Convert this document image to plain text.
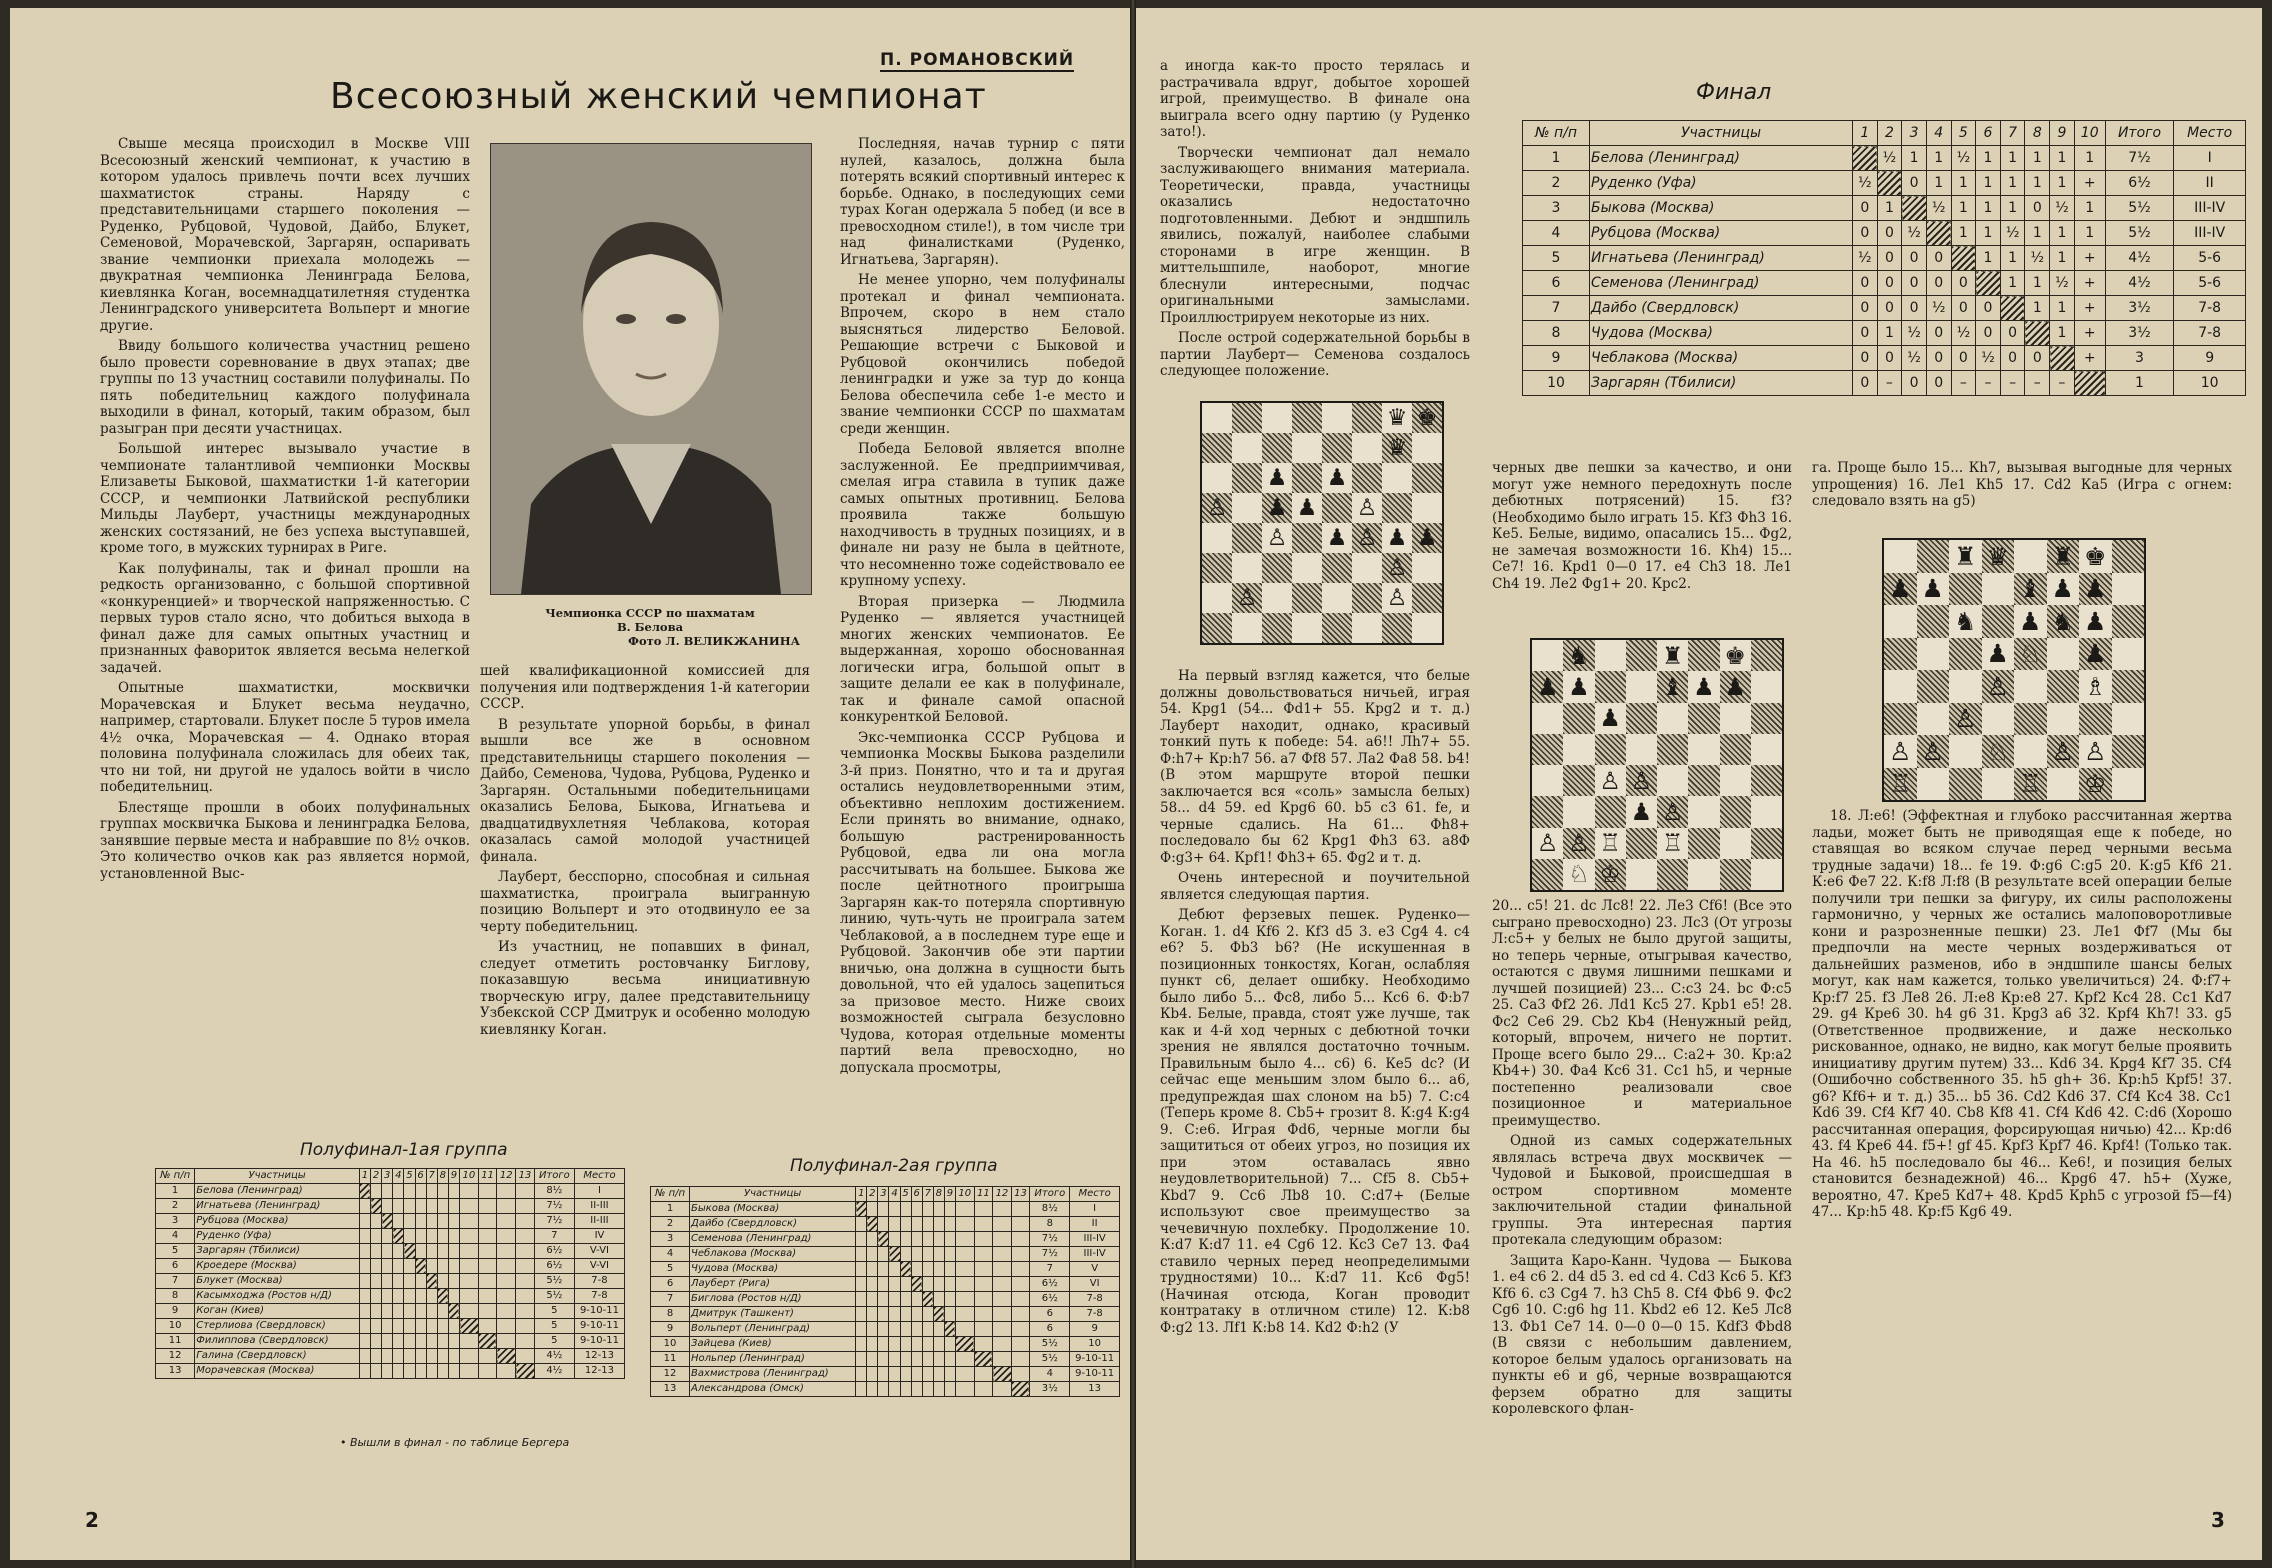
П. РОМАНОВСКИЙ
Всесоюзный женский чемпионат

Свыше месяца происходил в Москве VIII Всесоюзный женский чемпионат, к участию в котором удалось привлечь почти всех лучших шахматисток страны. Наряду с представительницами старшего поколения —Руденко, Рубцовой, Чудовой, Дайбо, Блукет, Семеновой, Морачевской, Заргарян, оспаривать звание чемпионки приехала молодежь — двукратная чемпионка Ленинграда Белова, киевлянка Коган, восемнадцатилетняя студентка Ленинградского университета Вольперт и многие другие.

Ввиду большого количества участниц решено было провести соревнование в двух этапах; две группы по 13 участниц составили полуфиналы. По пять победительниц каждого полуфинала выходили в финал, который, таким образом, был разыгран при десяти участницах.

Большой интерес вызывало участие в чемпионате талантливой чемпионки Москвы Елизаветы Быковой, шахматистки 1-й категории СССР, и чемпионки Латвийской республики Мильды Лауберт, участницы международных женских состязаний, не без успеха выступавшей, кроме того, в мужских турнирах в Риге.

Как полуфиналы, так и финал прошли на редкость организованно, с большой спортивной «конкуренцией» и творческой напряженностью. С первых туров стало ясно, что добиться выхода в финал даже для самых опытных участниц и признанных фавориток является весьма нелегкой задачей.

Опытные шахматистки, москвички Морачевская и Блукет весьма неудачно, например, стартовали. Блукет после 5 туров имела 4½ очка, Морачевская — 4. Однако вторая половина полуфинала сложилась для обеих так, что ни той, ни другой не удалось войти в число победительниц.

Блестяще прошли в обоих полуфинальных группах москвичка Быкова и ленинградка Белова, занявшие первые места и набравшие по 8½ очков. Это количество очков как раз является нормой, установленной Выс-

Чемпионка СССР по шахматам
В. Белова

Фото Л. ВЕЛИКЖАНИНА

шей квалификационной комиссией для получения или подтверждения 1-й категории СССР.

В результате упорной борьбы, в финал вышли все же в основном представительницы старшего поколения — Дайбо, Семенова, Чудова, Рубцова, Руденко и Заргарян. Остальными победительницами оказались Белова, Быкова, Игнатьева и двадцатидвухлетняя Чеблакова, которая оказалась самой молодой участницей финала.

Лауберт, бесспорно, способная и сильная шахматистка, проиграла выигранную позицию Вольперт и это отодвинуло ее за черту победительниц.

Из участниц, не попавших в финал, следует отметить ростовчанку Биглову, показавшую весьма инициативную творческую игру, далее представительницу Узбекской ССР Дмитрук и особенно молодую киевлянку Коган.

Последняя, начав турнир с пяти нулей, казалось, должна была потерять всякий спортивный интерес к борьбе. Однако, в последующих семи турах Коган одержала 5 побед (и все в превосходном стиле!), в том числе три над финалистками (Руденко, Игнатьева, Заргарян).

Не менее упорно, чем полуфиналы протекал и финал чемпионата. Впрочем, скоро в нем стало выясняться лидерство Беловой. Решающие встречи с Быковой и Рубцовой окончились победой ленинградки и уже за тур до конца Белова обеспечила себе 1-е место и звание чемпионки СССР по шахматам среди женщин.

Победа Беловой является вполне заслуженной. Ее предприимчивая, смелая игра ставила в тупик даже самых опытных противниц. Белова проявила также большую находчивость в трудных позициях, и в финале ни разу не была в цейтноте, что несомненно тоже содействовало ее крупному успеху.

Вторая призерка — Людмила Руденко — является участницей многих женских чемпионатов. Ее выдержанная, хорошо обоснованная логически игра, большой опыт в защите делали ее как в полуфинале, так и финале самой опасной конкуренткой Беловой.

Экс-чемпионка СССР Рубцова и чемпионка Москвы Быкова разделили 3-й приз. Понятно, что и та и другая остались неудовлетворенными этим, объективно неплохим достижением. Если принять во внимание, однако, большую растренированность Рубцовой, едва ли она могла рассчитывать на большее. Быкова же после цейтнотного проигрыша Заргарян как-то потеряла спортивную линию, чуть-чуть не проиграла затем Чеблаковой, а в последнем туре еще и Рубцовой. Закончив обе эти партии вничью, она должна в сущности быть довольной, что ей удалось зацепиться за призовое место. Ниже своих возможностей сыграла безусловно Чудова, которая отдельные моменты партий вела превосходно, но допускала просмотры,

Полуфинал-1ая группа
№ п/п	Участницы	1	2	3	4	5	6	7	8	9	10	11	12	13	Итого	Место
1	Белова (Ленинград)														8½	I
2	Игнатьева (Ленинград)														7½	II-III
3	Рубцова (Москва)														7½	II-III
4	Руденко (Уфа)														7	IV
5	Заргарян (Тбилиси)														6½	V-VI
6	Кроедере (Москва)														6½	V-VI
7	Блукет (Москва)														5½	7-8
8	Касымходжа (Ростов н/Д)														5½	7-8
9	Коган (Киев)														5	9-10-11
10	Стерлиова (Свердловск)														5	9-10-11
11	Филиппова (Свердловск)														5	9-10-11
12	Галина (Свердловск)														4½	12-13
13	Морачевская (Москва)														4½	12-13
• Вышли в финал - по таблице Бергера
Полуфинал-2ая группа
№ п/п	Участницы	1	2	3	4	5	6	7	8	9	10	11	12	13	Итого	Место
1	Быкова (Москва)														8½	I
2	Дайбо (Свердловск)														8	II
3	Семенова (Ленинград)														7½	III-IV
4	Чеблакова (Москва)														7½	III-IV
5	Чудова (Москва)														7	V
6	Лауберт (Рига)														6½	VI
7	Биглова (Ростов н/Д)														6½	7-8
8	Дмитрук (Ташкент)														6	7-8
9	Вольперт (Ленинград)														6	9
10	Зайцева (Киев)														5½	10
11	Нольпер (Ленинград)														5½	9-10-11
12	Вахмистрова (Ленинград)														4	9-10-11
13	Александрова (Омск)														3½	13
2

а иногда как-то просто терялась и растрачивала вдруг, добытое хорошей игрой, преимущество. В финале она выиграла всего одну партию (у Руденко зато!).

Творчески чемпионат дал немало заслуживающего внимания материала. Теоретически, правда, участницы оказались недостаточно подготовленными. Дебют и эндшпиль явились, пожалуй, наиболее слабыми сторонами в игре женщин. В миттельшпиле, наоборот, многие блеснули интересными, подчас оригинальными замыслами. Проиллюстрируем некоторые из них.

После острой содержательной борьбы в партии Лауберт— Семенова создалось следующее положение.

♛ ♚
♛
♟ ♟
♙ ♟ ♟ ♙
♙ ♟ ♙ ♟ ♟
♙
♙	♙

На первый взгляд кажется, что белые должны довольствоваться ничьей, играя 54. Крg1 (54... Фd1+ 55. Крg2 и т. д.) Лауберт находит, однако, красивый тонкий путь к победе: 54. a6!! Лh7+ 55. Ф:h7+ Кр:h7 56. a7 Фf8 57. Ла2 Фa8 58. b4! (В этом маршруте второй пешки заключается вся «соль» замысла белых) 58... d4 59. ed Крg6 60. b5 c3 61. fe, и черные сдались. На 61... Фh8+ последовало бы 62 Крg1 Фh3 63. a8Ф Ф:g3+ 64. Крf1! Фh3+ 65. Фg2 и т. д.

Очень интересной и поучительной является следующая партия.

Дебют ферзевых пешек. Руденко—Коган. 1. d4 Кf6 2. Кf3 d5 3. e3 Сg4 4. c4 e6? 5. Фb3 b6? (Не искушенная в позиционных тонкостях, Коган, ослабляя пункт с6, делает ошибку. Необходимо было либо 5... Фc8, либо 5... Кc6 6. Ф:b7 Кb4. Белые, правда, стоят уже лучше, так как и 4-й ход черных с дебютной точки зрения не являлся достаточно точным. Правильным было 4... c6) 6. Кe5 dc? (И сейчас еще меньшим злом было 6... a6, предупреждая шах слоном на b5) 7. С:c4 (Теперь кроме 8. Сb5+ грозит 8. К:g4 К:g4 9. С:e6. Играя Фd6, черные могли бы защититься от обеих угроз, но позиция их при этом оставалась явно неудовлетворительной) 7... Сf5 8. Сb5+ Кbd7 9. Сc6 Лb8 10. С:d7+ (Белые используют свое преимущество за чечевичную похлебку. Продолжение 10. К:d7 К:d7 11. e4 Сg6 12. Кс3 Сe7 13. Фa4 ставило черных перед неопределимыми трудностями) 10... К:d7 11. Кc6 Фg5! (Начиная отсюда, Коган проводит контратаку в отличном стиле) 12. К:b8 Ф:g2 13. Лf1 К:b8 14. Кd2 Ф:h2 (У

Финал
№ п/п	Участницы	1	2	3	4	5	6	7	8	9	10	Итого	Место
1	Белова (Ленинград)		½	1	1	½	1	1	1	1	1	7½	I
2	Руденко (Уфа)	½		0	1	1	1	1	1	1	+	6½	II
3	Быкова (Москва)	0	1		½	1	1	1	0	½	1	5½	III-IV
4	Рубцова (Москва)	0	0	½		1	1	½	1	1	1	5½	III-IV
5	Игнатьева (Ленинград)	½	0	0	0		1	1	½	1	+	4½	5-6
6	Семенова (Ленинград)	0	0	0	0	0		1	1	½	+	4½	5-6
7	Дайбо (Свердловск)	0	0	0	½	0	0		1	1	+	3½	7-8
8	Чудова (Москва)	0	1	½	0	½	0	0		1	+	3½	7-8
9	Чеблакова (Москва)	0	0	½	0	0	½	0	0		+	3	9
10	Заргарян (Тбилиси)	0	–	0	0	–	–	–	–	–		1	10

черных две пешки за качество, и они могут уже немного передохнуть после дебютных потрясений) 15. f3? (Необходимо было играть 15. Кf3 Фh3 16. Кe5. Белые, видимо, опасались 15... Фg2, не замечая возможности 16. Кh4) 15... Сe7! 16. Крd1 0—0 17. e4 Сh3 18. Лe1 Сh4 19. Лe2 Фg1+ 20. Крc2.

♞	♜ ♚
♟ ♟	♝ ♟ ♟
♟
♙ ♙
♟ ♙
♙ ♙ ♖ ♖
♘ ♔

20... c5! 21. dc Лc8! 22. Лe3 Сf6! (Все это сыграно превосходно) 23. Лc3 (От угрозы Л:c5+ у белых не было другой защиты, но теперь черные, отыгрывая качество, остаются с двумя лишними пешками и лучшей позицией) 23... С:c3 24. bc Ф:c5 25. Сa3 Фf2 26. Лd1 Кc5 27. Крb1 e5! 28. Фc2 Сe6 29. Сb2 Кb4 (Ненужный рейд, который, впрочем, ничего не портит. Проще всего было 29... С:a2+ 30. Кр:a2 Кb4+) 30. Фa4 Кc6 31. Сc1 h5, и черные постепенно реализовали свое позиционное и материальное преимущество.

Одной из самых содержательных являлась встреча двух москвичек — Чудовой и Быковой, происшедшая в остром спортивном моменте заключительной стадии финальной группы. Эта интересная партия протекала следующим образом:

Защита Каро-Канн. Чудова — Быкова 1. e4 c6 2. d4 d5 3. ed cd 4. Сd3 Кc6 5. Кf3 Кf6 6. c3 Сg4 7. h3 Сh5 8. Сf4 Фb6 9. Фc2 Сg6 10. С:g6 hg 11. Кbd2 e6 12. Кe5 Лc8 13. Фb1 Сe7 14. 0—0 0—0 15. Кdf3 Фbd8 (В связи с небольшим давлением, которое белым удалось организовать на пункты e6 и g6, черные возвращаются ферзем обратно для защиты королевского флан-

га. Проще было 15... Кh7, вызывая выгодные для черных упрощения) 16. Лe1 Кh5 17. Сd2 Кa5 (Игра с огнем: следовало взять на g5)

♜ ♛ ♜ ♚
♟ ♟	♝ ♟ ♟
♞ ♟ ♞ ♟
♟ ♘ ♟
♙	♗
♙
♙ ♙ ♘ ♙ ♙
♖	♖ ♔

18. Л:e6! (Эффектная и глубоко рассчитанная жертва ладьи, может быть не приводящая еще к победе, но ставящая во всяком случае перед черными весьма трудные задачи) 18... fe 19. Ф:g6 С:g5 20. К:g5 Кf6 21. К:e6 Фe7 22. К:f8 Л:f8 (В результате всей операции белые получили три пешки за фигуру, их силы расположены гармонично, у черных же остались малоповоротливые кони и разрозненные пешки) 23. Лe1 Фf7 (Мы бы предпочли на месте черных воздерживаться от дальнейших разменов, ибо в эндшпиле шансы белых могут, как нам кажется, только увеличиться) 24. Ф:f7+ Кр:f7 25. f3 Лe8 26. Л:e8 Кр:e8 27. Крf2 Кc4 28. Сc1 Кd7 29. g4 Крe6 30. h4 g6 31. Крg3 a6 32. Кpf4 Кh7! 33. g5 (Ответственное продвижение, и даже несколько рискованное, однако, не видно, как могут белые проявить инициативу другим путем) 33... Кd6 34. Крg4 Кf7 35. Сf4 (Ошибочно собственного 35. h5 gh+ 36. Кр:h5 Крf5! 37. g6? Кf6+ и т. д.) 35... b5 36. Сd2 Кd6 37. Сf4 Кc4 38. Сc1 Кd6 39. Сf4 Кf7 40. Сb8 Кf8 41. Сf4 Кd6 42. С:d6 (Хорошо рассчитанная операция, форсирующая ничью) 42... Кр:d6 43. f4 Кpe6 44. f5+! gf 45. Крf3 Крf7 46. Крf4! (Только так. На 46. h5 последовало бы 46... Кe6!, и позиция белых становится безнадежной) 46... Крg6 47. h5+ (Хуже, вероятно, 47. Крe5 Кd7+ 48. Кpd5 Крh5 с угрозой f5—f4) 47... Кр:h5 48. Кр:f5 Кg6 49.

3
